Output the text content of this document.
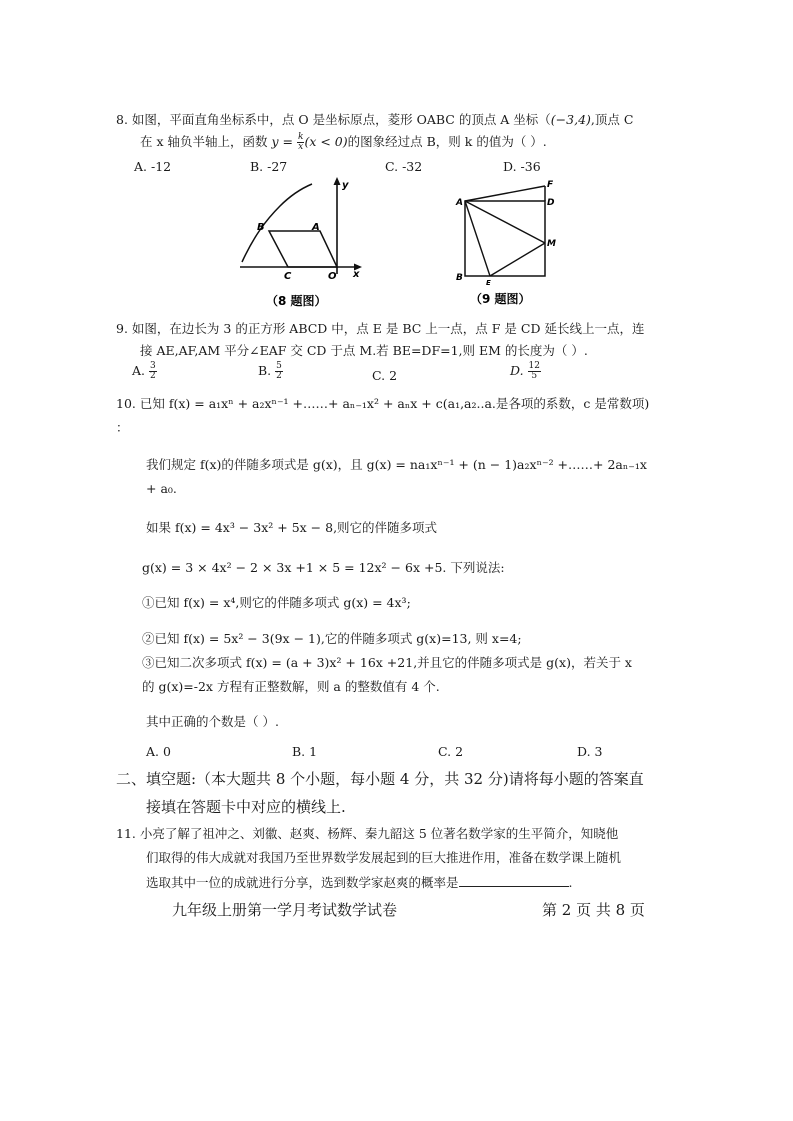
8. 如图，平面直角坐标系中，点 O 是坐标原点，菱形 OABC 的顶点 A 坐标（(−3,4),顶点 C
在 x 轴负半轴上，函数 $y = \frac{k}{x} (x < 0)$的图象经过点 B，则 k 的值为（ ）.
A. -12	B. -27	C. -32	D. -36
B	A
C	O x
y
（8 题图）
F
A	D
M
B	E
（9 题图）
9. 如图，在边长为 3 的正方形 ABCD 中，点 E 是 BC 上一点，点 F 是 CD 延长线上一点，连
接 AE,AF,AM 平分∠EAF 交 CD 于点 M.若 BE=DF=1,则 EM 的长度为（ ）.
A. $\frac{3}{2}$	B. $\frac{5}{2}$	C. 2	D. $\frac{12}{5}$
10. 已知 f(x) = a₁xⁿ + a₂xⁿ⁻¹ +……+ aₙ₋₁x² + aₙx + c(a₁,a₂..a.是各项的系数，c 是常数项)
：
我们规定 f(x)的伴随多项式是 g(x)，且 g(x) = na₁xⁿ⁻¹ + (n − 1)a₂xⁿ⁻² +……+ 2aₙ₋₁x
+ a₀.
如果 f(x) = 4x³ − 3x² + 5x − 8,则它的伴随多项式
g(x) = 3 × 4x² − 2 × 3x +1 × 5 = 12x² − 6x +5. 下列说法:
①已知 f(x) = x⁴,则它的伴随多项式 g(x) = 4x³;
②已知 f(x) = 5x² − 3(9x − 1),它的伴随多项式 g(x)=13, 则 x=4;
③已知二次多项式 f(x) = (a + 3)x² + 16x +21,并且它的伴随多项式是 g(x)，若关于 x
的 g(x)=-2x 方程有正整数解，则 a 的整数值有 4 个.
其中正确的个数是（ ）.
A. 0	B. 1	C. 2	D. 3
二、填空题:（本大题共 8 个小题，每小题 4 分，共 32 分)请将每小题的答案直
接填在答题卡中对应的横线上.
11. 小亮了解了祖冲之、刘徽、赵爽、杨辉、秦九韶这 5 位著名数学家的生平简介，知晓他
们取得的伟大成就对我国乃至世界数学发展起到的巨大推进作用，准备在数学课上随机
选取其中一位的成就进行分享，选到数学家赵爽的概率是	.
九年级上册第一学月考试数学试卷	第 2 页 共 8 页
